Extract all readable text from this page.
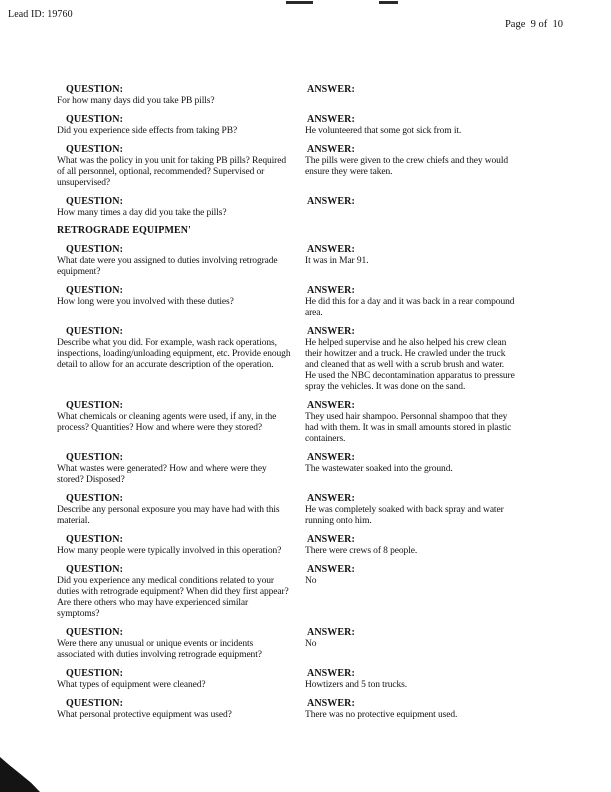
Lead ID: 19760
Page  9 of  10
QUESTION:
For how many days did you take PB pills?
ANSWER:
QUESTION:
Did you experience side effects from taking PB?
ANSWER:
He volunteered that some got sick from it.
QUESTION:
What was the policy in you unit for taking PB pills? Required of all personnel, optional, recommended? Supervised or unsupervised?
ANSWER:
The pills were given to the crew chiefs and they would ensure they were taken.
QUESTION:
How many times a day did you take the pills?
ANSWER:
RETROGRADE EQUIPMEN'
QUESTION:
What date were you assigned to duties involving retrograde equipment?
ANSWER:
It was in Mar 91.
QUESTION:
How long were you involved with these duties?
ANSWER:
He did this for a day and it was back in a rear compound area.
QUESTION:
Describe what you did. For example, wash rack operations, inspections, loading/unloading equipment, etc. Provide enough detail to allow for an accurate description of the operation.
ANSWER:
He helped supervise and he also helped his crew clean their howitzer and a truck. He crawled under the truck and cleaned that as well with a scrub brush and water. He used the NBC decontamination apparatus to pressure spray the vehicles. It was done on the sand.
QUESTION:
What chemicals or cleaning agents were used, if any, in the process? Quantities? How and where were they stored?
ANSWER:
They used hair shampoo. Personnal shampoo that they had with them. It was in small amounts stored in plastic containers.
QUESTION:
What wastes were generated? How and where were they stored? Disposed?
ANSWER:
The wastewater soaked into the ground.
QUESTION:
Describe any personal exposure you may have had with this material.
ANSWER:
He was completely soaked with back spray and water running onto him.
QUESTION:
How many people were typically involved in this operation?
ANSWER:
There were crews of 8 people.
QUESTION:
Did you experience any medical conditions related to your duties with retrograde equipment? When did they first appear? Are there others who may have experienced similar symptoms?
ANSWER:
No
QUESTION:
Were there any unusual or unique events or incidents associated with duties involving retrograde equipment?
ANSWER:
No
QUESTION:
What types of equipment were cleaned?
ANSWER:
Howtizers and 5 ton trucks.
QUESTION:
What personal protective equipment was used?
ANSWER:
There was no protective equipment used.
